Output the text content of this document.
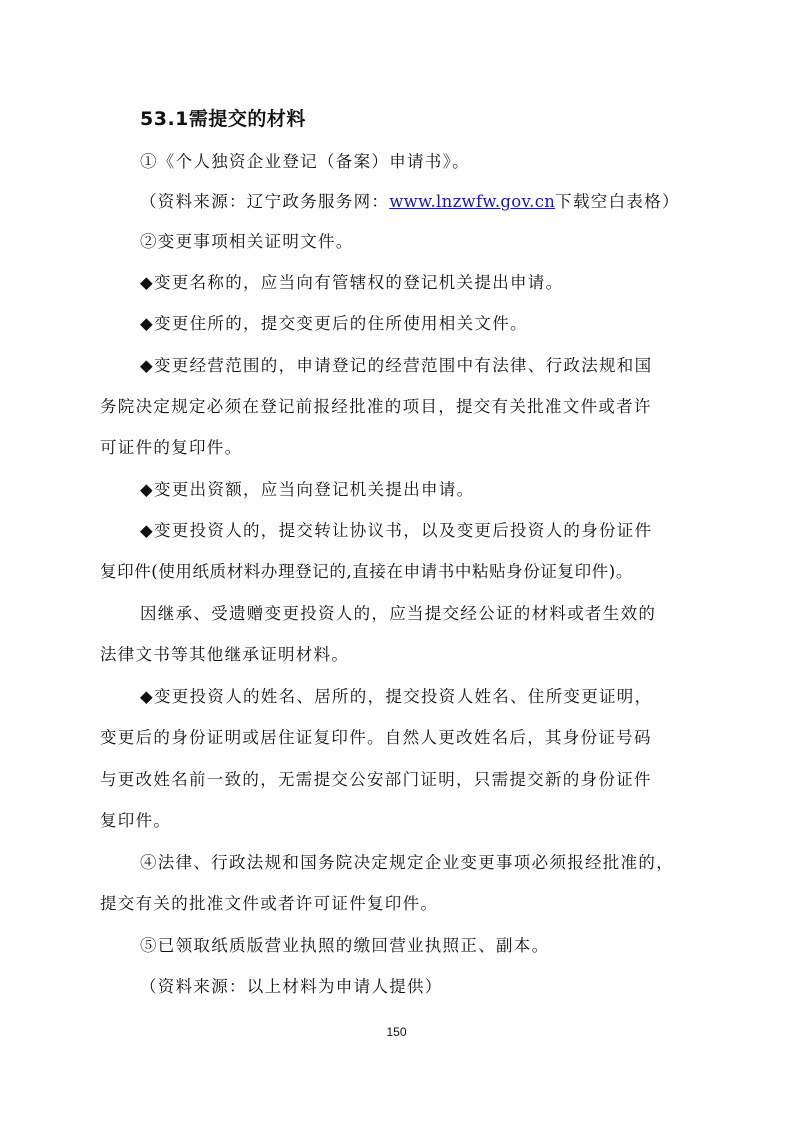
53.1需提交的材料
①《个人独资企业登记（备案）申请书》。
（资料来源：辽宁政务服务网：www.lnzwfw.gov.cn下载空白表格）
②变更事项相关证明文件。
◆变更名称的，应当向有管辖权的登记机关提出申请。
◆变更住所的，提交变更后的住所使用相关文件。
◆变更经营范围的，申请登记的经营范围中有法律、行政法规和国
务院决定规定必须在登记前报经批准的项目，提交有关批准文件或者许
可证件的复印件。
◆变更出资额，应当向登记机关提出申请。
◆变更投资人的，提交转让协议书，以及变更后投资人的身份证件
复印件(使用纸质材料办理登记的,直接在申请书中粘贴身份证复印件)。
因继承、受遗赠变更投资人的，应当提交经公证的材料或者生效的
法律文书等其他继承证明材料。
◆变更投资人的姓名、居所的，提交投资人姓名、住所变更证明，
变更后的身份证明或居住证复印件。自然人更改姓名后，其身份证号码
与更改姓名前一致的，无需提交公安部门证明，只需提交新的身份证件
复印件。
④法律、行政法规和国务院决定规定企业变更事项必须报经批准的，
提交有关的批准文件或者许可证件复印件。
⑤已领取纸质版营业执照的缴回营业执照正、副本。
（资料来源：以上材料为申请人提供）
150
